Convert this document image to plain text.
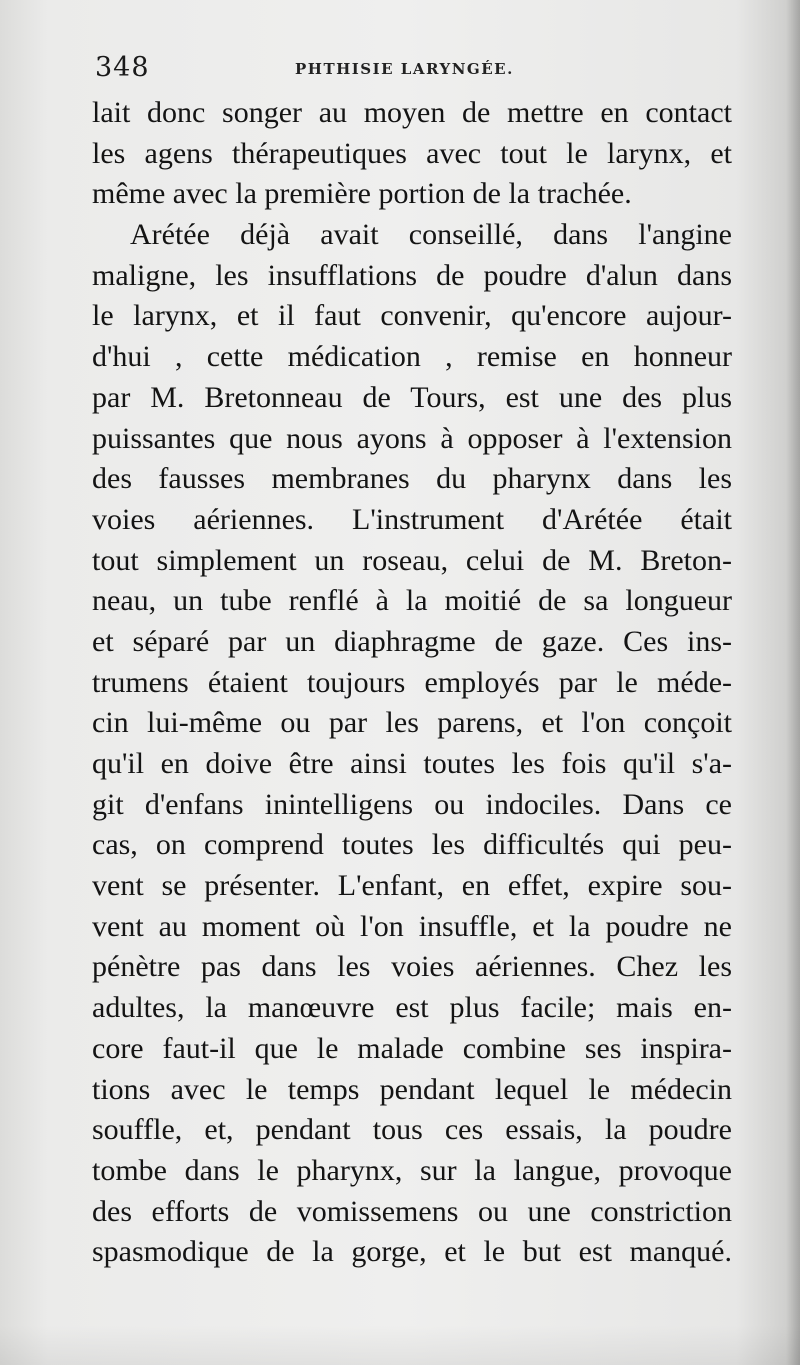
348	PHTHISIE LARYNGÉE.
lait donc songer au moyen de mettre en contact
les agens thérapeutiques avec tout le larynx, et
même avec la première portion de la trachée.
Arétée déjà avait conseillé, dans l'angine
maligne, les insufflations de poudre d'alun dans
le larynx, et il faut convenir, qu'encore aujour-
d'hui , cette médication , remise en honneur
par M. Bretonneau de Tours, est une des plus
puissantes que nous ayons à opposer à l'extension
des fausses membranes du pharynx dans les
voies aériennes. L'instrument d'Arétée était
tout simplement un roseau, celui de M. Breton-
neau, un tube renflé à la moitié de sa longueur
et séparé par un diaphragme de gaze. Ces ins-
trumens étaient toujours employés par le méde-
cin lui-même ou par les parens, et l'on conçoit
qu'il en doive être ainsi toutes les fois qu'il s'a-
git d'enfans inintelligens ou indociles. Dans ce
cas, on comprend toutes les difficultés qui peu-
vent se présenter. L'enfant, en effet, expire sou-
vent au moment où l'on insuffle, et la poudre ne
pénètre pas dans les voies aériennes. Chez les
adultes, la manœuvre est plus facile; mais en-
core faut-il que le malade combine ses inspira-
tions avec le temps pendant lequel le médecin
souffle, et, pendant tous ces essais, la poudre
tombe dans le pharynx, sur la langue, provoque
des efforts de vomissemens ou une constriction
spasmodique de la gorge, et le but est manqué.
